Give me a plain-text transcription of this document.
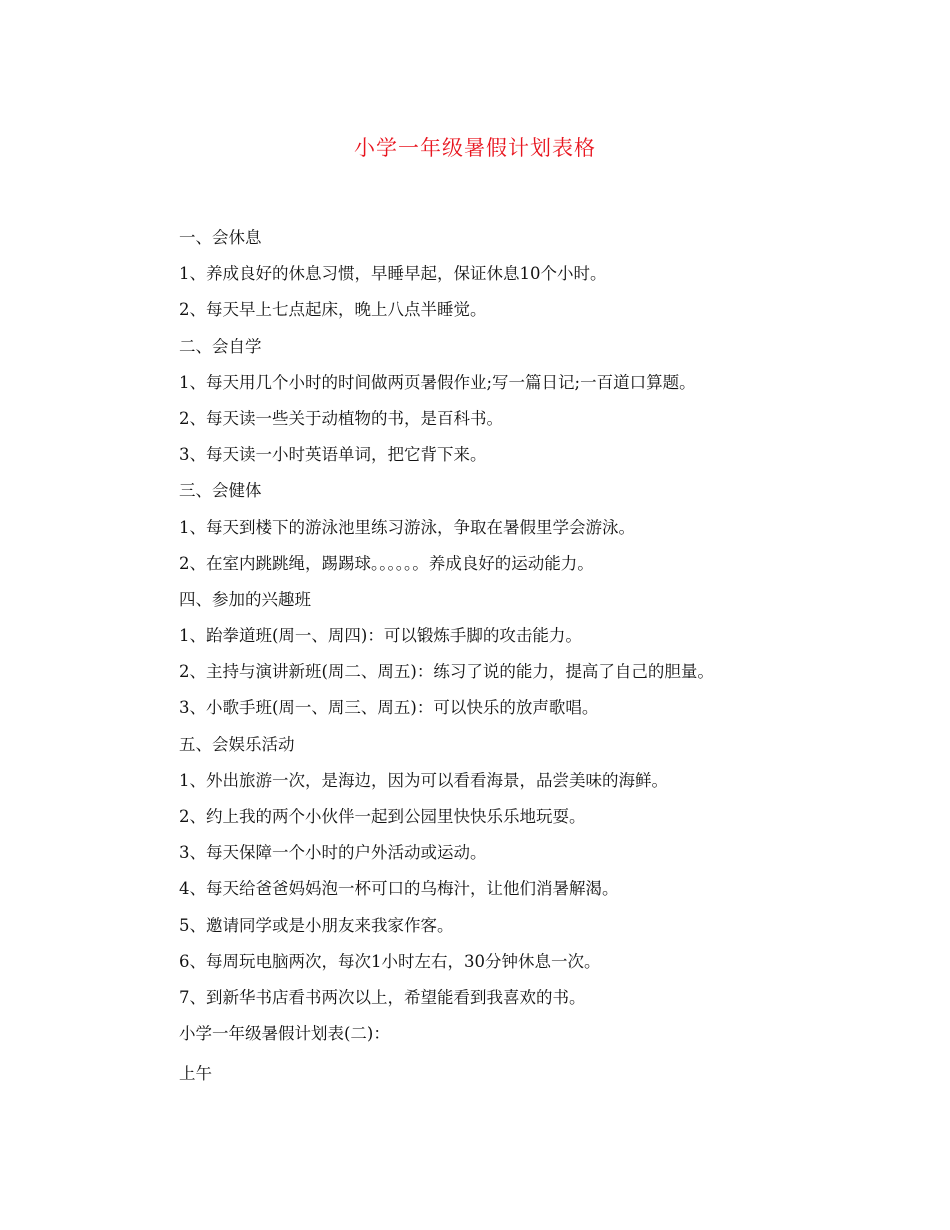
小学一年级暑假计划表格
一、会休息
1、养成良好的休息习惯，早睡早起，保证休息10个小时。
2、每天早上七点起床，晚上八点半睡觉。
二、会自学
1、每天用几个小时的时间做两页暑假作业;写一篇日记;一百道口算题。
2、每天读一些关于动植物的书，是百科书。
3、每天读一小时英语单词，把它背下来。
三、会健体
1、每天到楼下的游泳池里练习游泳，争取在暑假里学会游泳。
2、在室内跳跳绳，踢踢球。。。。。。养成良好的运动能力。
四、参加的兴趣班
1、跆拳道班(周一、周四)：可以锻炼手脚的攻击能力。
2、主持与演讲新班(周二、周五)：练习了说的能力，提高了自己的胆量。
3、小歌手班(周一、周三、周五)：可以快乐的放声歌唱。
五、会娱乐活动
1、外出旅游一次，是海边，因为可以看看海景，品尝美味的海鲜。
2、约上我的两个小伙伴一起到公园里快快乐乐地玩耍。
3、每天保障一个小时的户外活动或运动。
4、每天给爸爸妈妈泡一杯可口的乌梅汁，让他们消暑解渴。
5、邀请同学或是小朋友来我家作客。
6、每周玩电脑两次，每次1小时左右，30分钟休息一次。
7、到新华书店看书两次以上，希望能看到我喜欢的书。
小学一年级暑假计划表(二)：
上午
